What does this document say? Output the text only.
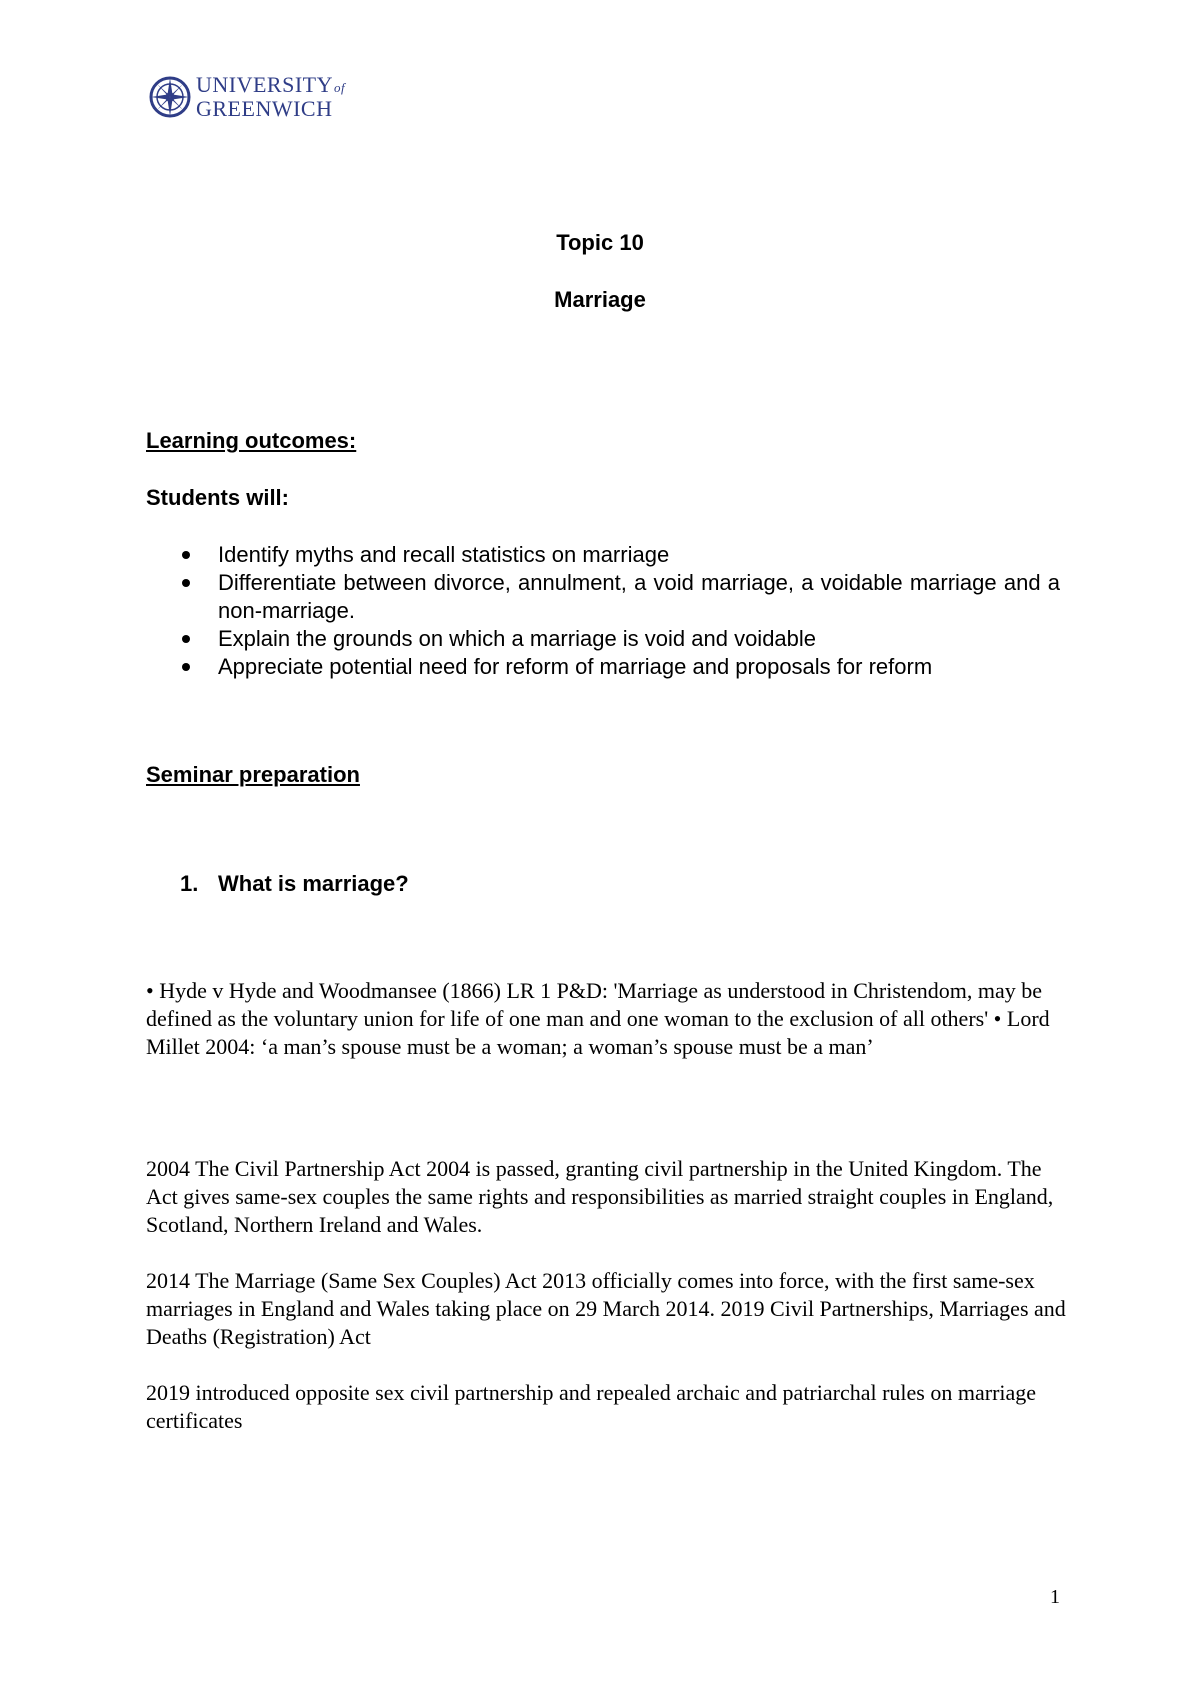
UNIVERSITYof
GREENWICH
Topic 10
Marriage
Learning outcomes:
Students will:
Identify myths and recall statistics on marriage
Differentiate between divorce, annulment, a void marriage, a voidable marriage and a non-marriage.
Explain the grounds on which a marriage is void and voidable
Appreciate potential need for reform of marriage and proposals for reform
Seminar preparation
1. What is marriage?
• Hyde v Hyde and Woodmansee (1866) LR 1 P&D: 'Marriage as understood in Christendom, may be defined as the voluntary union for life of one man and one woman to the exclusion of all others' • Lord Millet 2004: ‘a man’s spouse must be a woman; a woman’s spouse must be a man’
2004 The Civil Partnership Act 2004 is passed, granting civil partnership in the United Kingdom. The Act gives same-sex couples the same rights and responsibilities as married straight couples in England, Scotland, Northern Ireland and Wales.
2014 The Marriage (Same Sex Couples) Act 2013 officially comes into force, with the first same-sex marriages in England and Wales taking place on 29 March 2014. 2019 Civil Partnerships, Marriages and Deaths (Registration) Act
2019 introduced opposite sex civil partnership and repealed archaic and patriarchal rules on marriage certificates
1
